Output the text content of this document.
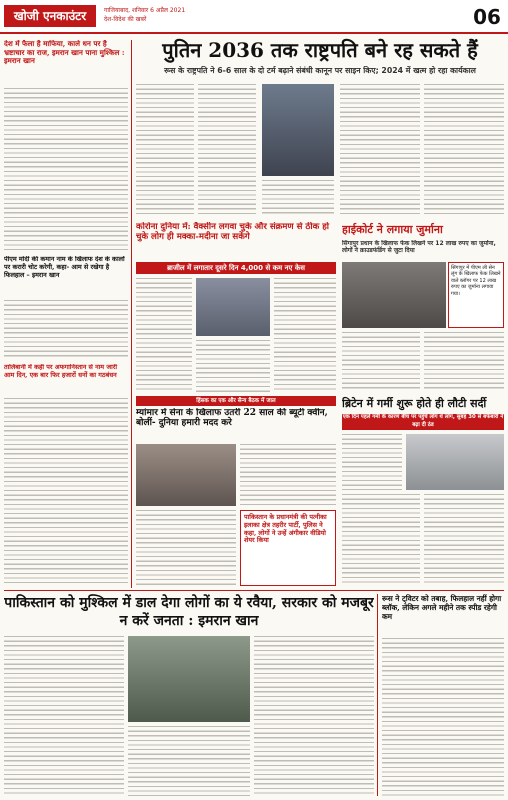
खोजी एनकाउंटर	गाजियाबाद, शनिवार 6 अप्रैल 2021
देश-विदेश की खबरें	06
देश में फैला है माफिया, काले धन पर है भ्रष्टाचार का राज, इमरान खान पाना मुश्किल : इमरान खान
पीएम मोदी की कमान नाम के खिलाफ देश के कालों पर करारी चोट करेगी, कहा- आम से रखेगा है फिलहाल – इमरान खान
तालिबानी में कहीं पर अफगानिस्तान से नाम जारी आम दिन, एक बार फिर हजारों धनों का गठबंधन
पुतिन 2036 तक राष्ट्रपति बने रह सकते हैं
रूस के राष्ट्रपति ने 6-6 साल के दो टर्म बढ़ाने संबंधी कानून पर साइन किए; 2024 में खत्म हो रहा कार्यकाल
कोरोना दुनिया में: वैक्सीन लगवा चुके और संक्रमण से ठीक हो चुके लोग ही मक्का-मदीना जा सकेंगे
ब्राजील में लगातार दूसरे दिन 4,000 से कम नए केस
हाईकोर्ट ने लगाया जुर्माना
सिंगापुर प्रधान के खिलाफ फेक लिखने पर 12 लाख रुपए का जुर्माना, लोगों ने क्राउडफंडिंग से जुटा दिया
सिंगापुर में पीएम ली सेन लूंग के खिलाफ फेक लिखने वाले ब्लॉगर पर 12 लाख रुपए का जुर्माना लगाया गया।
हिंसक का एक और सैन्य बैठक में जाल
म्यांमार में सेना के खिलाफ उतरीं 22 साल की ब्यूटी क्वीन, बोलीं- दुनिया हमारी मदद करे
ब्रिटेन में गर्मी शुरू होते ही लौटी सर्दी
एक दिन पहले गर्मी के कारण बीच पर पहुंचे लोग थे लोग, सुबह 30 से बर्फबारी ने बढ़ा दी ठंड
पाकिस्तान के प्रधानमंत्री की पत्नीका इलाका क्षेत्र तहरीर पार्टी, पुलिस ने कहा, लोगों ने उन्हें अंगीकार वीडियो शेयर किया
पाकिस्तान को मुश्किल में डाल देगा लोगों का ये रवैया, सरकार को मजबूर न करें जनता : इमरान खान
रूस ने ट्विटर को तबाह, फिलहाल नहीं होगा ब्लॉक, लेकिन अगले महीने तक स्पीड रहेगी कम
